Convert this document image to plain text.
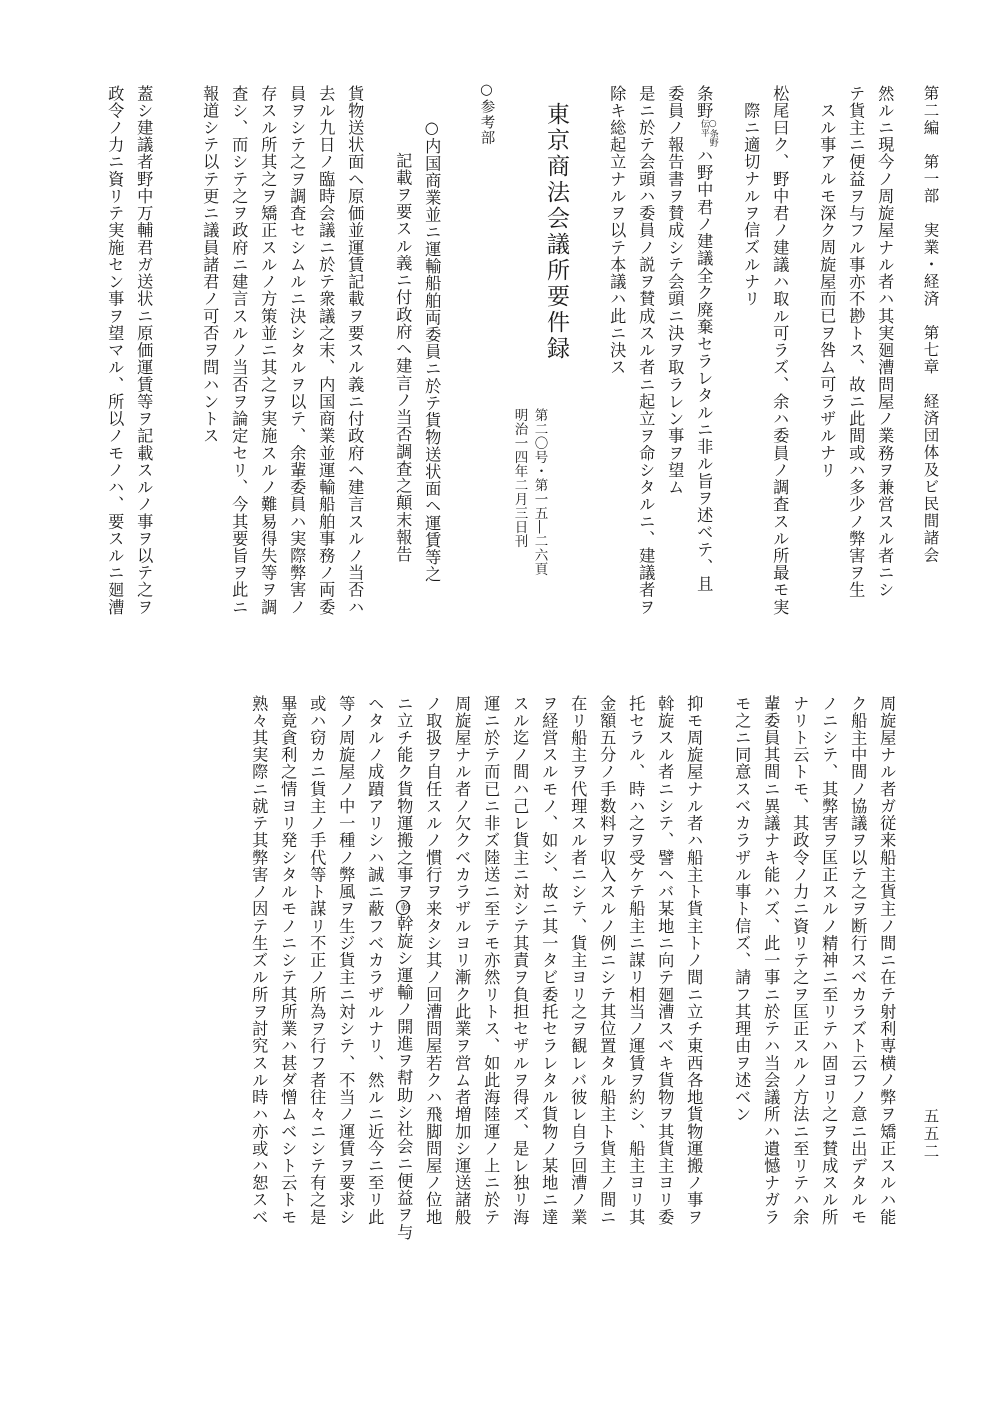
第二編　第一部　実業・経済　第七章　経済団体及ビ民間諸会
五五二
然ルニ現今ノ周旋屋ナル者ハ其実廻漕問屋ノ業務ヲ兼営スル者ニシ
テ貨主ニ便益ヲ与フル事亦不尠トス、故ニ此間或ハ多少ノ弊害ヲ生
スル事アルモ深ク周旋屋而已ヲ咎ム可ラザルナリ
松尾曰ク、野中君ノ建議ハ取ル可ラズ、余ハ委員ノ調査スル所最モ実
際ニ適切ナルヲ信ズルナリ
条野
○条野
伝平
ハ野中君ノ建議全ク廃棄セラレタルニ非ル旨ヲ述ベテ、且
委員ノ報告書ヲ賛成シテ会頭ニ決ヲ取ラレン事ヲ望ム
是ニ於テ会頭ハ委員ノ説ヲ賛成スル者ニ起立ヲ命シタルニ、建議者ヲ
除キ総起立ナルヲ以テ本議ハ此ニ決ス
東京商法会議所要件録
第二〇号・第一五―二六頁
明治一四年二月三日刊
○参考部
○内国商業並ニ運輸船舶両委員ニ於テ貨物送状面ヘ運賃等之
記載ヲ要スル義ニ付政府ヘ建言ノ当否調査之顛末報告
貨物送状面ヘ原価並運賃記載ヲ要スル義ニ付政府ヘ建言スルノ当否ハ
去ル九日ノ臨時会議ニ於テ衆議之末、内国商業並運輸船舶事務ノ両委
員ヲシテ之ヲ調査セシムルニ決シタルヲ以テ、余輩委員ハ実際弊害ノ
存スル所其之ヲ矯正スルノ方策並ニ其之ヲ実施スルノ難易得失等ヲ調
査シ、而シテ之ヲ政府ニ建言スルノ当否ヲ論定セリ、今其要旨ヲ此ニ
報道シテ以テ更ニ議員諸君ノ可否ヲ問ハントス
蓋シ建議者野中万輔君ガ送状ニ原価運賃等ヲ記載スルノ事ヲ以テ之ヲ
政令ノ力ニ資リテ実施セン事ヲ望マル、所以ノモノハ、要スルニ廻漕
周旋屋ナル者ガ従来船主貨主ノ間ニ在テ射利専横ノ弊ヲ矯正スルハ能
ク船主中間ノ協議ヲ以テ之ヲ断行スベカラズト云フノ意ニ出デタルモ
ノニシテ、其弊害ヲ匡正スルノ精神ニ至リテハ固ヨリ之ヲ賛成スル所
ナリト云トモ、其政令ノ力ニ資リテ之ヲ匡正スルノ方法ニ至リテハ余
輩委員其間ニ異議ナキ能ハズ、此一事ニ於テハ当会議所ハ遺憾ナガラ
モ之ニ同意スベカラザル事ト信ズ、請フ其理由ヲ述ベン
抑モ周旋屋ナル者ハ船主ト貨主トノ間ニ立チ東西各地貨物運搬ノ事ヲ
斡旋スル者ニシテ、譬ヘバ某地ニ向テ廻漕スベキ貨物ヲ其貨主ヨリ委
托セラル、時ハ之ヲ受ケテ船主ニ謀リ相当ノ運賃ヲ約シ、船主ヨリ其
金額五分ノ手数料ヲ収入スルノ例ニシテ其位置タル船主ト貨主ノ間ニ
在リ船主ヲ代理スル者ニシテ、貨主ヨリ之ヲ観レバ彼レ自ラ回漕ノ業
ヲ経営スルモノ、如シ、故ニ其一タビ委托セラレタル貨物ノ某地ニ達
スル迄ノ間ハ己レ貨主ニ対シテ其責ヲ負担セザルヲ得ズ、是レ独リ海
運ニ於テ而已ニ非ズ陸送ニ至テモ亦然リトス、如此海陸運ノ上ニ於テ
周旋屋ナル者ノ欠クベカラザルヨリ漸ク此業ヲ営ム者増加シ運送諸般
ノ取扱ヲ自任スルノ慣行ヲ来タシ其ノ回漕問屋若クハ飛脚問屋ノ位地
ニ立チ能ク貨物運搬之事ヲ斡幹旋シ運輸ノ開進ヲ幇助シ社会ニ便益ヲ与
ヘタルノ成蹟アリシハ誠ニ蔽フベカラザルナリ、然ルニ近今ニ至リ此
等ノ周旋屋ノ中一種ノ弊風ヲ生ジ貨主ニ対シテ、不当ノ運賃ヲ要求シ
或ハ窃カニ貨主ノ手代等ト謀リ不正ノ所為ヲ行フ者往々ニシテ有之是
畢竟貪利之情ヨリ発シタルモノニシテ其所業ハ甚ダ憎ムベシト云トモ
熟々其実際ニ就テ其弊害ノ因テ生ズル所ヲ討究スル時ハ亦或ハ恕スベ
